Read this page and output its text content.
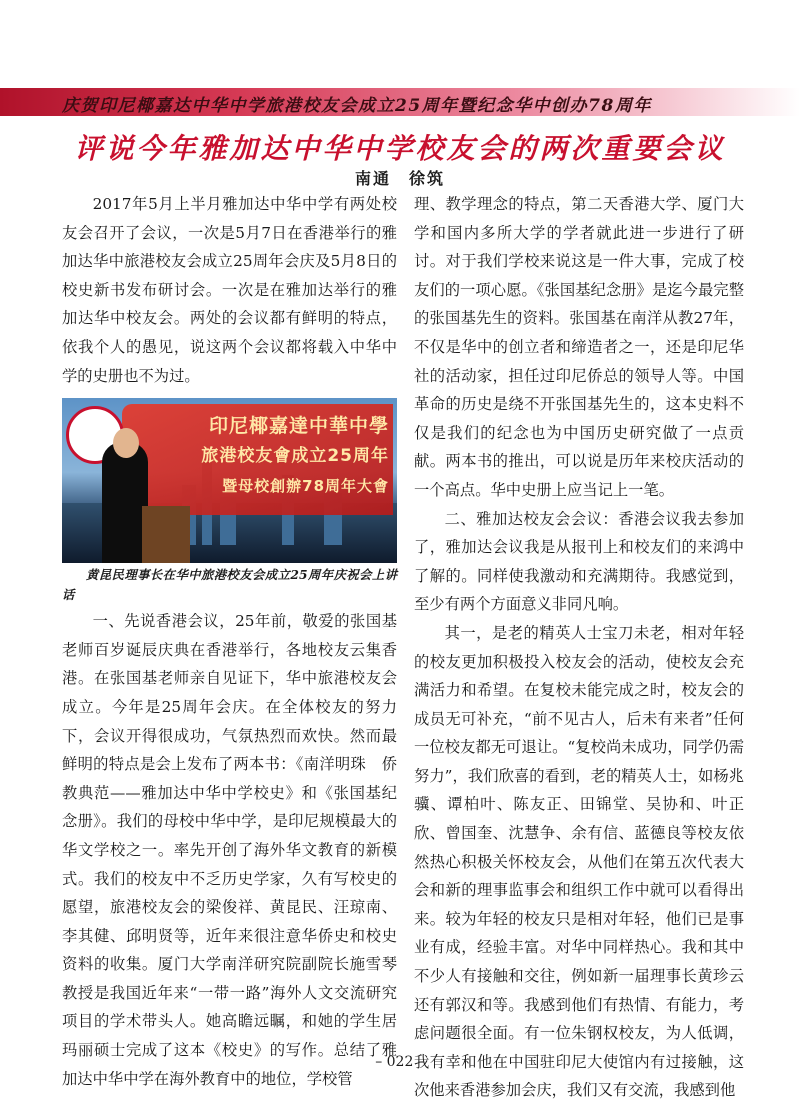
庆贺印尼椰嘉达中华中学旅港校友会成立25周年暨纪念华中创办78周年
评说今年雅加达中华中学校友会的两次重要会议
南通　徐筑

2017年5月上半月雅加达中华中学有两处校友会召开了会议，一次是5月7日在香港举行的雅加达华中旅港校友会成立25周年会庆及5月8日的校史新书发布研讨会。一次是在雅加达举行的雅加达华中校友会。两处的会议都有鲜明的特点，依我个人的愚见，说这两个会议都将载入中华中学的史册也不为过。

印尼椰嘉達中華中學
旅港校友會成立25周年
暨母校創辦78周年大會
黄昆民理事长在华中旅港校友会成立25周年庆祝会上讲话

一、先说香港会议，25年前，敬爱的张国基老师百岁诞辰庆典在香港举行，各地校友云集香港。在张国基老师亲自见证下，华中旅港校友会成立。今年是25周年会庆。在全体校友的努力下，会议开得很成功，气氛热烈而欢快。然而最鲜明的特点是会上发布了两本书：《南洋明珠　侨教典范——雅加达中华中学校史》和《张国基纪念册》。我们的母校中华中学，是印尼规模最大的华文学校之一。率先开创了海外华文教育的新模式。我们的校友中不乏历史学家，久有写校史的愿望，旅港校友会的梁俊祥、黄昆民、汪琼南、李其健、邱明贤等，近年来很注意华侨史和校史资料的收集。厦门大学南洋研究院副院长施雪琴教授是我国近年来“一带一路”海外人文交流研究项目的学术带头人。她高瞻远瞩，和她的学生居玛丽硕士完成了这本《校史》的写作。总结了雅加达中华中学在海外教育中的地位，学校管

理、教学理念的特点，第二天香港大学、厦门大学和国内多所大学的学者就此进一步进行了研讨。对于我们学校来说这是一件大事，完成了校友们的一项心愿。《张国基纪念册》是迄今最完整的张国基先生的资料。张国基在南洋从教27年，不仅是华中的创立者和缔造者之一，还是印尼华社的活动家，担任过印尼侨总的领导人等。中国革命的历史是绕不开张国基先生的，这本史料不仅是我们的纪念也为中国历史研究做了一点贡献。两本书的推出，可以说是历年来校庆活动的一个高点。华中史册上应当记上一笔。

二、雅加达校友会会议：香港会议我去参加了，雅加达会议我是从报刊上和校友们的来鸿中了解的。同样使我激动和充满期待。我感觉到，至少有两个方面意义非同凡响。

其一，是老的精英人士宝刀未老，相对年轻的校友更加积极投入校友会的活动，使校友会充满活力和希望。在复校未能完成之时，校友会的成员无可补充，“前不见古人，后未有来者”任何一位校友都无可退让。“复校尚未成功，同学仍需努力”，我们欣喜的看到，老的精英人士，如杨兆骥、谭柏叶、陈友正、田锦堂、吴协和、叶正欣、曾国奎、沈慧争、余有信、蓝德良等校友依然热心积极关怀校友会，从他们在第五次代表大会和新的理事监事会和组织工作中就可以看得出来。较为年轻的校友只是相对年轻，他们已是事业有成，经验丰富。对华中同样热心。我和其中不少人有接触和交往，例如新一届理事长黄珍云还有郭汉和等。我感到他们有热情、有能力，考虑问题很全面。有一位朱钢权校友，为人低调，我有幸和他在中国驻印尼大使馆内有过接触，这次他来香港参加会庆，我们又有交流，我感到他

– 022 –
